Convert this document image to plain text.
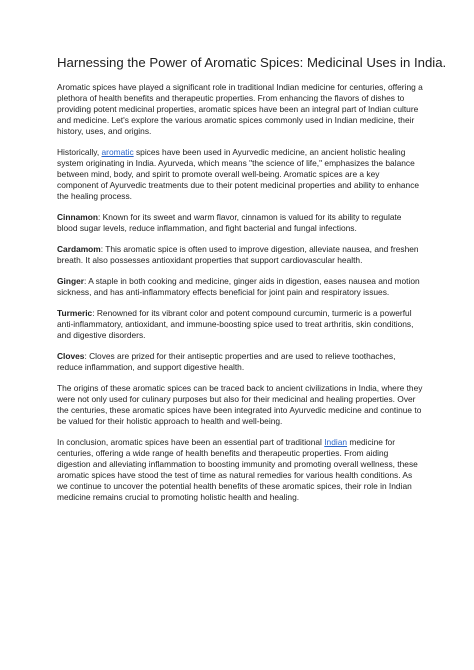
Harnessing the Power of Aromatic Spices: Medicinal Uses in India.

Aromatic spices have played a significant role in traditional Indian medicine for centuries, offering a plethora of health benefits and therapeutic properties. From enhancing the flavors of dishes to providing potent medicinal properties, aromatic spices have been an integral part of Indian culture and medicine. Let's explore the various aromatic spices commonly used in Indian medicine, their history, uses, and origins.

Historically, aromatic spices have been used in Ayurvedic medicine, an ancient holistic healing system originating in India. Ayurveda, which means "the science of life," emphasizes the balance between mind, body, and spirit to promote overall well-being. Aromatic spices are a key component of Ayurvedic treatments due to their potent medicinal properties and ability to enhance the healing process.

Cinnamon: Known for its sweet and warm flavor, cinnamon is valued for its ability to regulate blood sugar levels, reduce inflammation, and fight bacterial and fungal infections.

Cardamom: This aromatic spice is often used to improve digestion, alleviate nausea, and freshen breath. It also possesses antioxidant properties that support cardiovascular health.

Ginger: A staple in both cooking and medicine, ginger aids in digestion, eases nausea and motion sickness, and has anti-inflammatory effects beneficial for joint pain and respiratory issues.

Turmeric: Renowned for its vibrant color and potent compound curcumin, turmeric is a powerful anti-inflammatory, antioxidant, and immune-boosting spice used to treat arthritis, skin conditions, and digestive disorders.

Cloves: Cloves are prized for their antiseptic properties and are used to relieve toothaches, reduce inflammation, and support digestive health.

The origins of these aromatic spices can be traced back to ancient civilizations in India, where they were not only used for culinary purposes but also for their medicinal and healing properties. Over the centuries, these aromatic spices have been integrated into Ayurvedic medicine and continue to be valued for their holistic approach to health and well-being.

In conclusion, aromatic spices have been an essential part of traditional Indian medicine for centuries, offering a wide range of health benefits and therapeutic properties. From aiding digestion and alleviating inflammation to boosting immunity and promoting overall wellness, these aromatic spices have stood the test of time as natural remedies for various health conditions. As we continue to uncover the potential health benefits of these aromatic spices, their role in Indian medicine remains crucial to promoting holistic health and healing.
